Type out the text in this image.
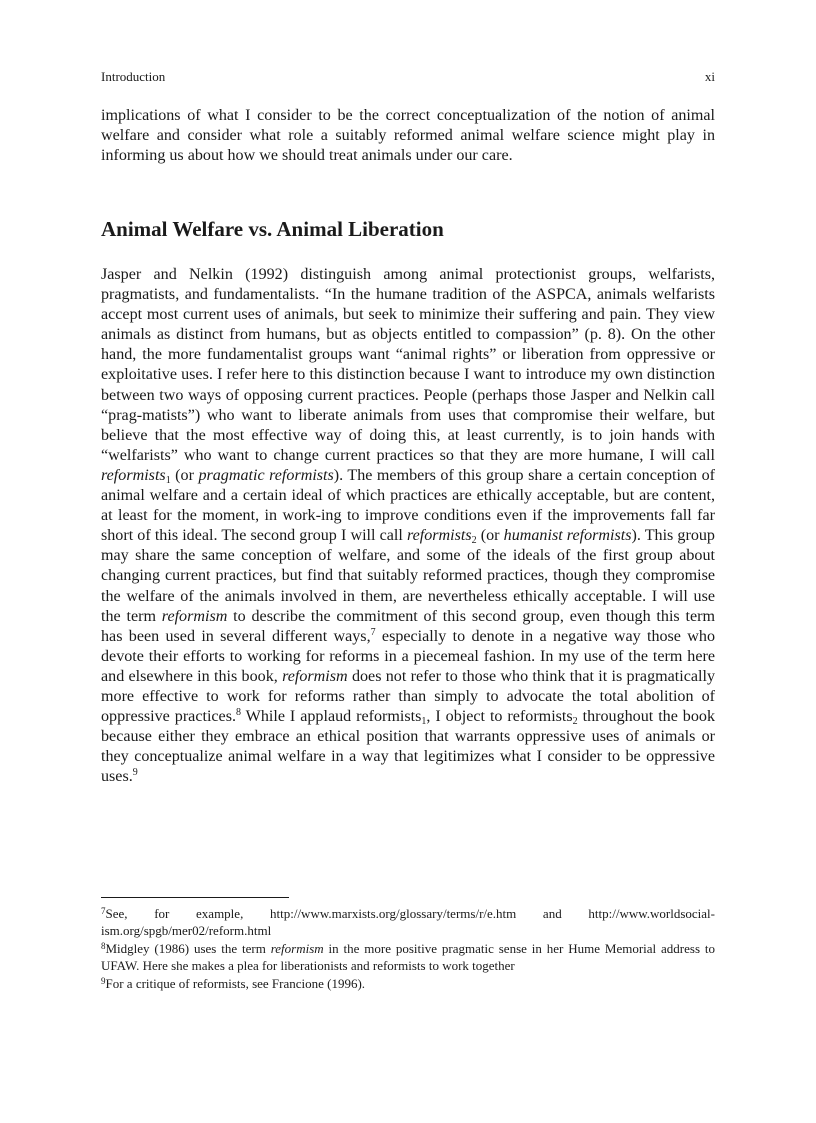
Introduction	xi

implications of what I consider to be the correct conceptualization of the notion of animal welfare and consider what role a suitably reformed animal welfare science might play in informing us about how we should treat animals under our care.

Animal Welfare vs. Animal Liberation

Jasper and Nelkin (1992) distinguish among animal protectionist groups, welfarists, pragmatists, and fundamentalists. “In the humane tradition of the ASPCA, animals welfarists accept most current uses of animals, but seek to minimize their suffering and pain. They view animals as distinct from humans, but as objects entitled to compassion” (p. 8). On the other hand, the more fundamentalist groups want “animal rights” or liberation from oppressive or exploitative uses. I refer here to this distinction because I want to introduce my own distinction between two ways of opposing current practices. People (perhaps those Jasper and Nelkin call “prag-matists”) who want to liberate animals from uses that compromise their welfare, but believe that the most effective way of doing this, at least currently, is to join hands with “welfarists” who want to change current practices so that they are more humane, I will call reformists$_1$ (or pragmatic reformists). The members of this group share a certain conception of animal welfare and a certain ideal of which practices are ethically acceptable, but are content, at least for the moment, in work-ing to improve conditions even if the improvements fall far short of this ideal. The second group I will call reformists$_2$ (or humanist reformists). This group may share the same conception of welfare, and some of the ideals of the first group about changing current practices, but find that suitably reformed practices, though they compromise the welfare of the animals involved in them, are nevertheless ethically acceptable. I will use the term reformism to describe the commitment of this second group, even though this term has been used in several different ways,$^7$ especially to denote in a negative way those who devote their efforts to working for reforms in a piecemeal fashion. In my use of the term here and elsewhere in this book, reformism does not refer to those who think that it is pragmatically more effective to work for reforms rather than simply to advocate the total abolition of oppressive practices.$^8$ While I applaud reformists$_1$, I object to reformists$_2$ throughout the book because either they embrace an ethical position that warrants oppressive uses of animals or they conceptualize animal welfare in a way that legitimizes what I consider to be oppressive uses.$^9$

$^7$See, for example, http://www.marxists.org/glossary/terms/r/e.htm and http://www.worldsocial-ism.org/spgb/mer02/reform.html

$^8$Midgley (1986) uses the term reformism in the more positive pragmatic sense in her Hume Memorial address to UFAW. Here she makes a plea for liberationists and reformists to work together

$^9$For a critique of reformists, see Francione (1996).
